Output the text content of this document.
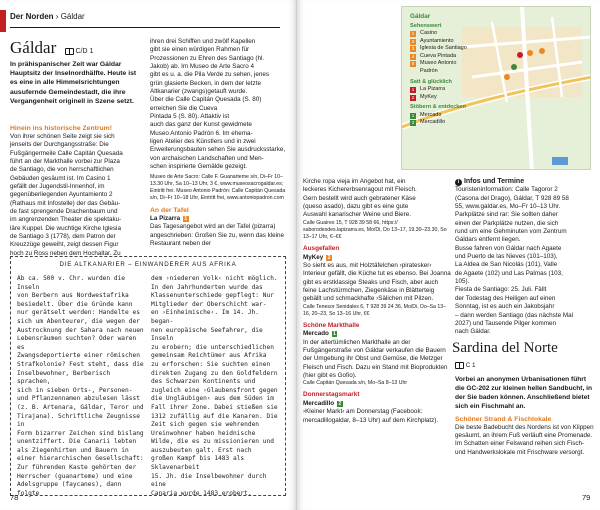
Der Norden › Gáldar
Gáldar	C/D 1
In prähispanischer Zeit war Gáldar Hauptsitz der Inselnordhälfte. Heute ist es eine in alle Himmelsrichtungen ausufernde Gemeindestadt, die ihre Vergangenheit originell in Szene setzt.
Hinein ins historische Zentrum!
Von ihrer schönen Seite zeigt sie sich
jenseits der Durchgangsstraße: Die
Fußgängermeile Calle Capitán Quesada
führt an der Markthalle vorbei zur Plaza
de Santiago, die von herrschaftlichen
Gebäuden gesäumt ist. Im Casino 1
gefällt der Jugendstil-Innenhof, im
gegenüberliegenden Ayuntamiento 2
(Rathaus mit Infostelle) der das Gebäu-
de fast sprengende Drachenbaum und
im angrenzenden Theater die spektaku-
läre Kuppel. Die wuchtige Kirche Iglesia
de Santiago 3 (1778), dem Patron der
Kreuzzüge geweiht, zeigt dessen Figur
hoch zu Ross neben dem Hochaltar. Zu
ihren drei Schiffen und zwölf Kapellen
gibt sie einen würdigen Rahmen für
Prozessionen zu Ehren des Santiago (hl.
Jakob) ab. Im Museo de Arte Sacro 4
gibt es u. a. die Pila Verde zu sehen, jenes
grün glasierte Becken, in dem der letzte
Altkanarier (zwangs)getauft wurde.
Über die Calle Capitán Quesada (S. 80)
erreichen Sie die Cueva
Pintada 5 (S. 80). Attaktiv ist
auch das ganz der Kunst gewidmete
Museo Antonio Padrón 6. Im ehema-
ligen Atelier des Künstlers und in zwei
Erweiterungsbauten sehen Sie ausdrucksstarke,
von archaischen Landschaften und Men-
schen inspirierte Gemälde gezeigt.
Museo de Arte Sacro: Calle F. Guanarteme s/n, Di–Fr 10–13.30 Uhr, Sa 10–13 Uhr, 3 €, www.museosacrogaldar.es; Eintritt frei. Museo Antonio Padrón: Calle Capitán Quesada s/n, Di–Fr 10–18 Uhr, Eintritt frei, www.antoniopadron.com
An der Tafel
La Pizarra 1
Das Tagesangebot wird an der Tafel (pizarra) angeschrieben: Großen Sie zu, wenn das kleine Restaurant neben der
DIE ALTKANARIER – EINWANDERER AUS AFRIKA
Ab ca. 500 v. Chr. wurden die Inseln
von Berbern aus Nordwestafrika
besiedelt. Über die Gründe kann
nur gerätselt werden: Handelte es
sich um Abenteurer, die wegen der
Austrocknung der Sahara nach neuen
Lebensräumen suchten? Oder waren es
Zwangsdeportierte einer römischen
Strafkolonie? Fest steht, dass die
Inselbewohner, Berberisch sprachen,
sich in sieben Orts-, Personen-
und Pflanzennamen abzulesen lässt
(z. B. Artenara, Gáldar, Teror und
Tirajana). Schriftliche Zeugnisse in
Form bizarrer Zeichen sind bislang
unentziffert. Die Canarii lebten
als Ziegenhirten und Bauern in
einer hierarchischen Gesellschaft:
Zur führenden Kaste gehörten der
Herrscher (guanarteme) und eine
Adelsgruppe (faycanes), dann folgte
dem ›niederen Volk‹ nicht möglich.
In den Jahrhunderten wurde das
Klassenunterschiede gepflegt: Nur
Mitglieder der Oberschicht war-
en ›Einheimische‹. Im 14. Jh. began-
nen europäische Seefahrer, die Inseln
zu erobern; die unterschiedlichen
gemeinsam Reichtümer aus Afrika
zu erforschen: Sie suchten einen
direkten Zugang zu den Goldfeldern
des Schwarzen Kontinents und
zugleich eine ›Glaubensfront gegen
die Ungläubigen‹ aus dem Süden im
Fall ihrer Zone. Dabei stießen sie
1312 zufällig auf die Kanaren. Die
Zeit sich gegen sie wehrenden
Ureinwohner haben heidnische
Wilde, die es zu missionieren und
auszubeuten galt. Erst nach
großen Kampf bis 1483 als Sklavenarbeit
15. Jh. die Inselbewohner durch eine
Canaria wurde 1483 erobert.
78
Gáldar
Sehenswert
1	Casino
2	Ayuntamiento
3	Iglesia de Santiago
4	Cueva Pintada
5	Museo Antonio
Padrón
Satt & glücklich
1	La Pizarra
2	MyKey
Stöbern & entdecken
1	Mercado
2	Mercadillo
Kirche ropa vieja im Angebot hat, ein
leckeres Kichererbsenragout mit Fleisch.
Gern bestellt wird auch gebratener Käse
(queso asado), dazu gibt es eine gute
Auswahl kanarischer Weine und Biere.
Calle Guaires 15, T 928 39 58 66, https:// saborodesdes.lapizarra.es, Mo/Di, Do 13–17, 19.30–23.30, So 13–17 Uhr, €–€€
Ausgefallen
MyKey 2
So sieht es aus, mit Holztäfelchen ›piratesker‹ Interieur gefällt, die Küche tut es ebenso. Bei Joanna gibt es erstklassige Steaks und Fisch, aber auch feine Lachstürmchen, Ziegenkäse in Blätterteig gebällt und schmackhafte ›Sälichen mit Pilzen.
Calle Tenesor Senidales 6, T 928 39 24 36, Mo/Di, Do–Sa 13–16, 20–23, So 13–16 Uhr, €€
Schöne Markthalle
Mercado 1
In der altertümlichen Markthalle an der Fußgängerstraße von Gáldar verkaufen die Bauern der Umgebung ihr Obst und Gemüse, die Metzger Fleisch und Fisch. Dazu ein Stand mit Bioprodukten (hier gibt es Gofio).
Calle Capitán Quesada s/n, Mo–Sa 8–13 Uhr
Donnerstagsmarkt
Mercadillo 2
›Kleiner Markt‹ am Donnerstag (Facebook: mercadillogaldar, 8–13 Uhr) auf dem Kirchplatz).
i Infos und Termine
Touristeninformation: Calle Tagoror 2
(Casona del Drago), Gáldar, T 928 89 58
55, www.galdar.es, Mo–Fr 10–13 Uhr.
Parkplätze sind rar: Sie sollten daher
einen der Parkplätze nutzen, die sich
rund um eine Gehminuten vom Zentrum
Gáldars entfernt liegen.
Busse fahren von Gáldar nach Agaete
und Puerto de las Nieves (101–103),
La Aldea de San Nicolás (101), Valle
de Agaete (102) und Las Palmas (103,
105).
Fiesta de Santiago: 25. Juli. Fällt
der Todestag des Heiligen auf einen
Sonntag, ist es auch ein Jakobsjahr
– dann werden Santiago (das nächste Mal
2027) und Tausende Pilger kommen
nach Gáldar.
Sardina del Norte
C 1
Vorbei an anonymen Urbanisationen führt die GC-202 zur kleinen hellen Sandbucht, in der Sie baden können. Anschließend bietet sich ein Fischmahl an.
Schöner Strand & Fischlokale
Die beste Badebucht des Nordens ist von Klippen gesäumt, an ihrem Fuß verläuft eine Promenade. Im Schatten einer Felswand reihen sich Fisch- und Handwerkslokale mit Frischware versorgt.
79
